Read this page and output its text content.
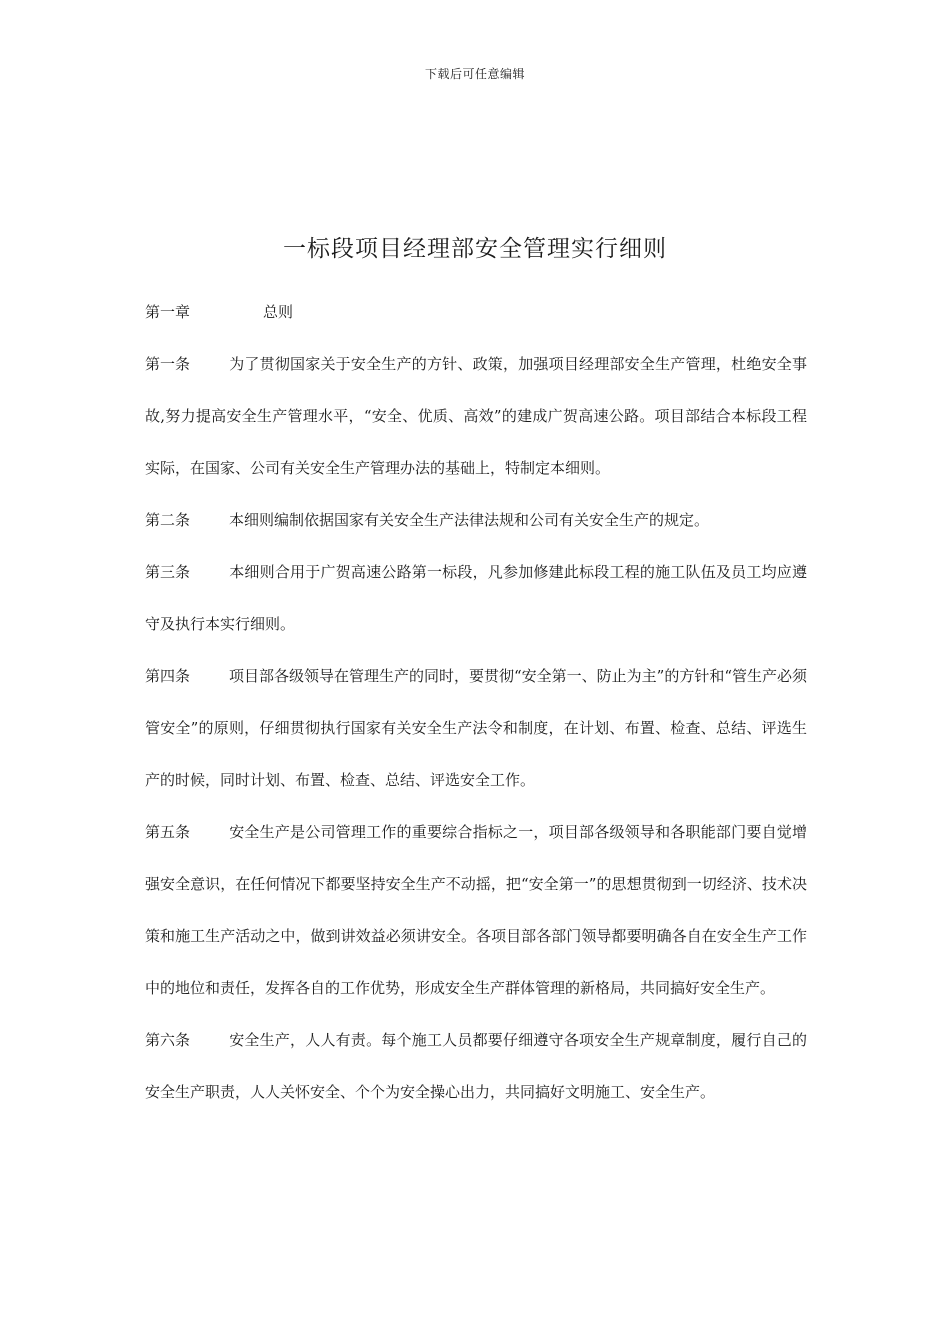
下载后可任意编辑
一标段项目经理部安全管理实行细则

第一章	总则

第一条	为了贯彻国家关于安全生产的方针、政策，加强项目经理部安全生产管理，杜绝安全事故,努力提高安全生产管理水平，“安全、优质、高效”的建成广贺高速公路。项目部结合本标段工程实际，在国家、公司有关安全生产管理办法的基础上，特制定本细则。

第二条	本细则编制依据国家有关安全生产法律法规和公司有关安全生产的规定。

第三条	本细则合用于广贺高速公路第一标段，凡参加修建此标段工程的施工队伍及员工均应遵守及执行本实行细则。

第四条	项目部各级领导在管理生产的同时，要贯彻“安全第一、防止为主”的方针和“管生产必须管安全”的原则，仔细贯彻执行国家有关安全生产法令和制度，在计划、布置、检查、总结、评选生产的时候，同时计划、布置、检查、总结、评选安全工作。

第五条	安全生产是公司管理工作的重要综合指标之一，项目部各级领导和各职能部门要自觉增强安全意识，在任何情况下都要坚持安全生产不动摇，把“安全第一”的思想贯彻到一切经济、技术决策和施工生产活动之中，做到讲效益必须讲安全。各项目部各部门领导都要明确各自在安全生产工作中的地位和责任，发挥各自的工作优势，形成安全生产群体管理的新格局，共同搞好安全生产。

第六条	安全生产，人人有责。每个施工人员都要仔细遵守各项安全生产规章制度，履行自己的安全生产职责，人人关怀安全、个个为安全操心出力，共同搞好文明施工、安全生产。
